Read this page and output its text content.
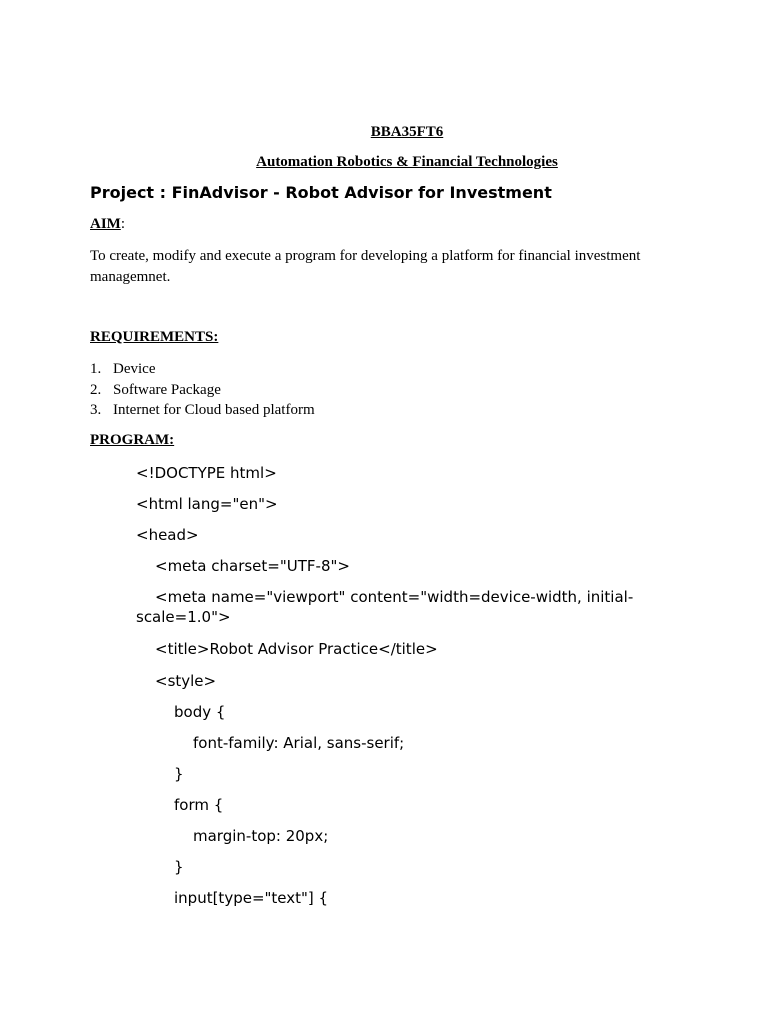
BBA35FT6
Automation Robotics & Financial Technologies
Project : FinAdvisor - Robot Advisor for Investment
AIM:
To create, modify and execute a program for developing a platform for financial investment managemnet.
REQUIREMENTS:
1. Device
2. Software Package
3. Internet for Cloud based platform
PROGRAM:
<!DOCTYPE html>
<html lang="en">
<head>
<meta charset="UTF-8">
<meta name="viewport" content="width=device-width, initial-scale=1.0">
<title>Robot Advisor Practice</title>
<style>
body {
font-family: Arial, sans-serif;
}
form {
margin-top: 20px;
}
input[type="text"] {
